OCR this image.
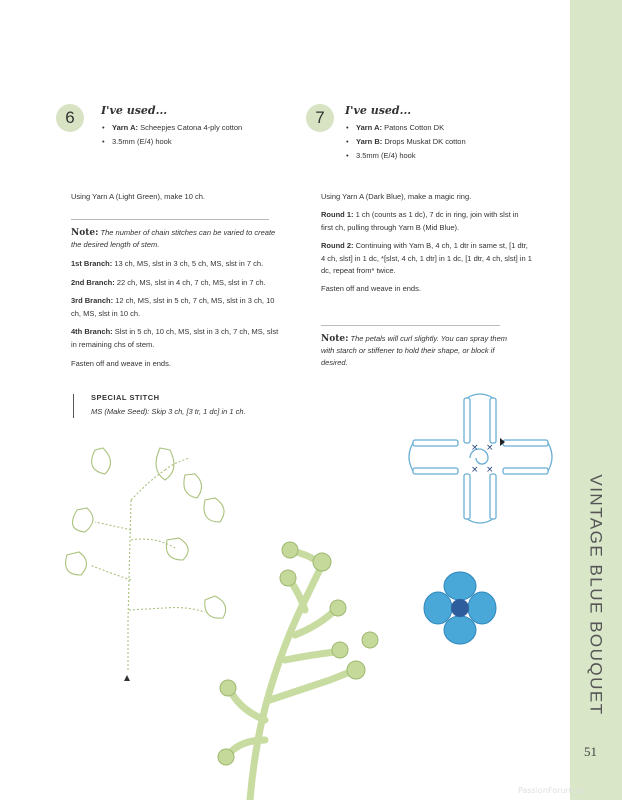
VINTAGE BLUE BOUQUET
51
PassionForum.ru
6	I've used...
• Yarn A: Scheepjes Catona 4-ply cotton
• 3.5mm (E/4) hook

Using Yarn A (Light Green), make 10 ch.

Note: The number of chain stitches can be varied to create the desired length of stem.

1st Branch: 13 ch, MS, slst in 3 ch, 5 ch, MS, slst in 7 ch.

2nd Branch: 22 ch, MS, slst in 4 ch, 7 ch, MS, slst in 7 ch.

3rd Branch: 12 ch, MS, slst in 5 ch, 7 ch, MS, slst in 3 ch, 10 ch, MS, slst in 10 ch.

4th Branch: Slst in 5 ch, 10 ch, MS, slst in 3 ch, 7 ch, MS, slst in remaining chs of stem.

Fasten off and weave in ends.

SPECIAL STITCH
MS (Make Seed): Skip 3 ch, [3 tr, 1 dc] in 1 ch.
7	I've used...
• Yarn A: Patons Cotton DK
• Yarn B: Drops Muskat DK cotton
• 3.5mm (E/4) hook

Using Yarn A (Dark Blue), make a magic ring.

Round 1: 1 ch (counts as 1 dc), 7 dc in ring, join with slst in first ch, pulling through Yarn B (Mid Blue).

Round 2: Continuing with Yarn B, 4 ch, 1 dtr in same st, [1 dtr, 4 ch, slst] in 1 dc, *[slst, 4 ch, 1 dtr] in 1 dc, [1 dtr, 4 ch, slst] in 1 dc, repeat from* twice.

Fasten off and weave in ends.

Note: The petals will curl slightly. You can spray them with starch or stiffener to hold their shape, or block if desired.
× ×
× ×
